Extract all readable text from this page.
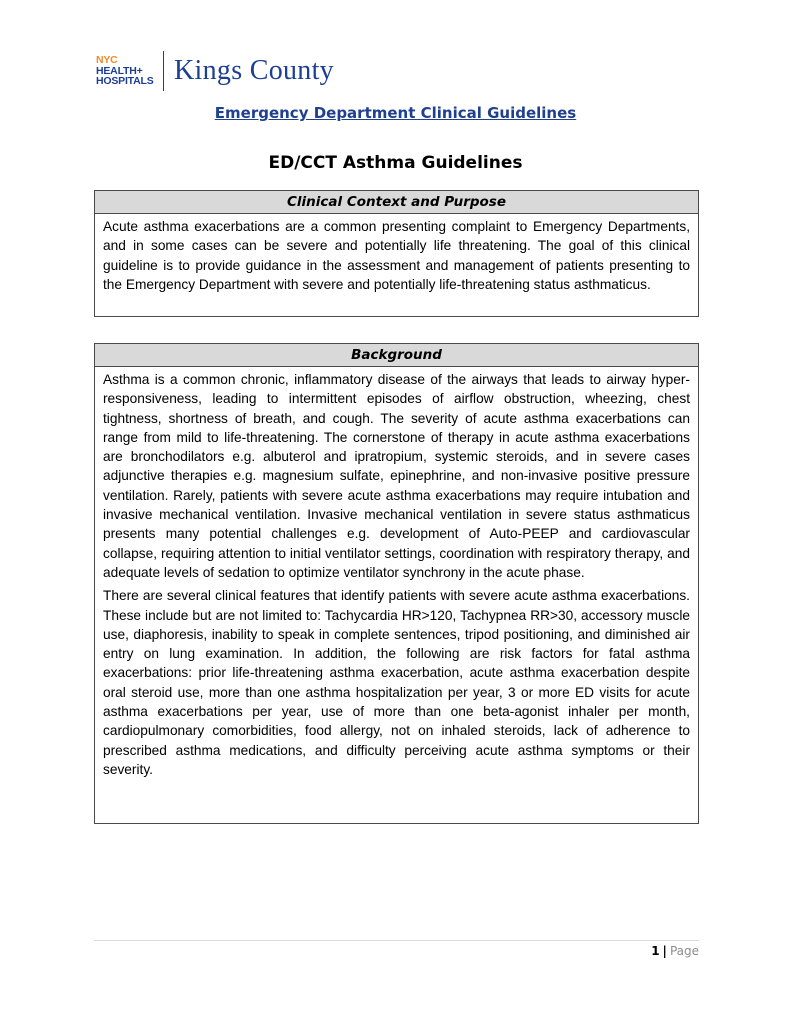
NYC
HEALTH+
HOSPITALS Kings County
Emergency Department Clinical Guidelines
ED/CCT Asthma Guidelines
Clinical Context and Purpose

Acute asthma exacerbations are a common presenting complaint to Emergency Departments, and in some cases can be severe and potentially life threatening. The goal of this clinical guideline is to provide guidance in the assessment and management of patients presenting to the Emergency Department with severe and potentially life-threatening status asthmaticus.

Background

Asthma is a common chronic, inflammatory disease of the airways that leads to airway hyper-responsiveness, leading to intermittent episodes of airflow obstruction, wheezing, chest tightness, shortness of breath, and cough. The severity of acute asthma exacerbations can range from mild to life-threatening. The cornerstone of therapy in acute asthma exacerbations are bronchodilators e.g. albuterol and ipratropium, systemic steroids, and in severe cases adjunctive therapies e.g. magnesium sulfate, epinephrine, and non-invasive positive pressure ventilation. Rarely, patients with severe acute asthma exacerbations may require intubation and invasive mechanical ventilation. Invasive mechanical ventilation in severe status asthmaticus presents many potential challenges e.g. development of Auto-PEEP and cardiovascular collapse, requiring attention to initial ventilator settings, coordination with respiratory therapy, and adequate levels of sedation to optimize ventilator synchrony in the acute phase.

There are several clinical features that identify patients with severe acute asthma exacerbations. These include but are not limited to: Tachycardia HR>120, Tachypnea RR>30, accessory muscle use, diaphoresis, inability to speak in complete sentences, tripod positioning, and diminished air entry on lung examination. In addition, the following are risk factors for fatal asthma exacerbations: prior life-threatening asthma exacerbation, acute asthma exacerbation despite oral steroid use, more than one asthma hospitalization per year, 3 or more ED visits for acute asthma exacerbations per year, use of more than one beta-agonist inhaler per month, cardiopulmonary comorbidities, food allergy, not on inhaled steroids, lack of adherence to prescribed asthma medications, and difficulty perceiving acute asthma symptoms or their severity.

1 | Page
